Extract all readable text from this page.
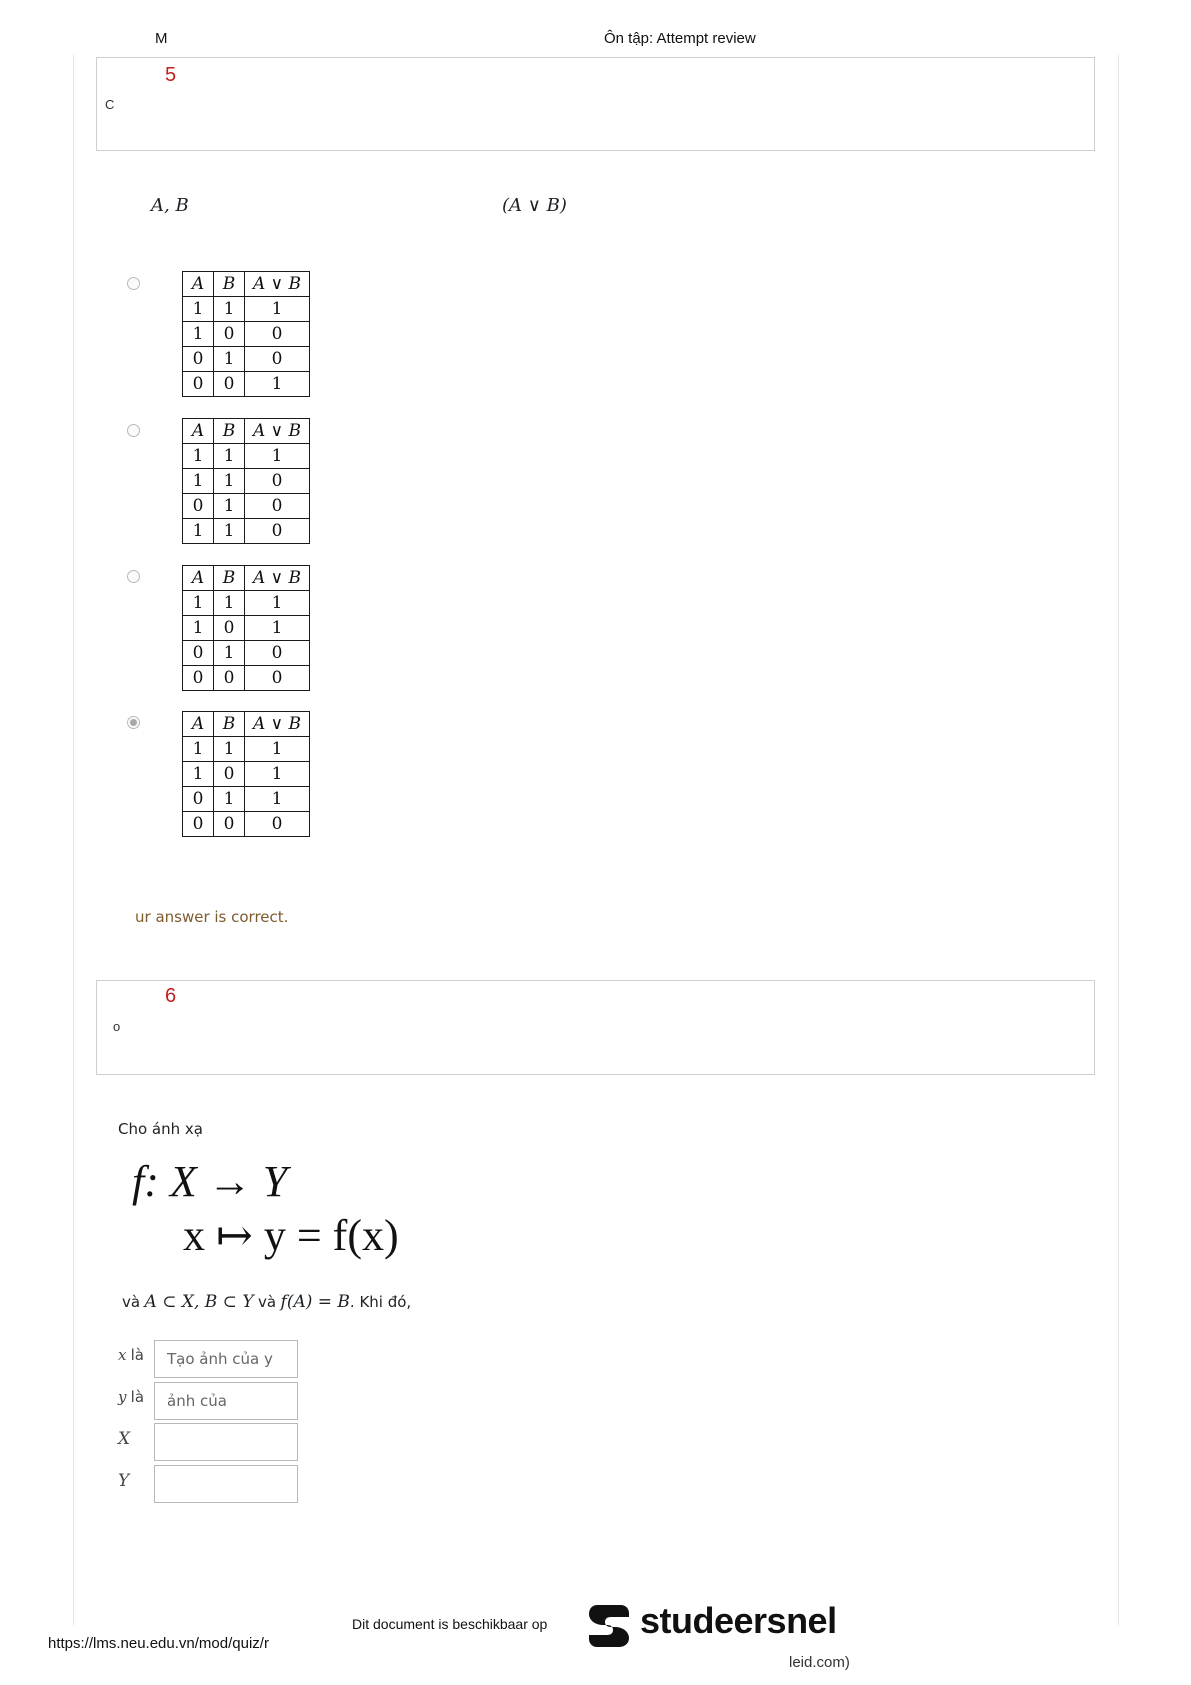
M	Ôn tập: Attempt review
5
C
A, B	(A ∨ B)
A	B	A ∨ B
1	1	1
1	0	0
0	1	0
0	0	1
A	B	A ∨ B
1	1	1
1	1	0
0	1	0
1	1	0
A	B	A ∨ B
1	1	1
1	0	1
0	1	0
0	0	0
A	B	A ∨ B
1	1	1
1	0	1
0	1	1
0	0	0
ur answer is correct.
6
o
Cho ánh xạ
f: X → Y
x ↦ y = f(x)
và A ⊂ X, B ⊂ Y và f(A) = B. Khi đó,
x là	Tạo ảnh của y
y là	ảnh của
X
Y
https://lms.neu.edu.vn/mod/quiz/r
Dit document is beschikbaar op	studeersnel
leid.com)
